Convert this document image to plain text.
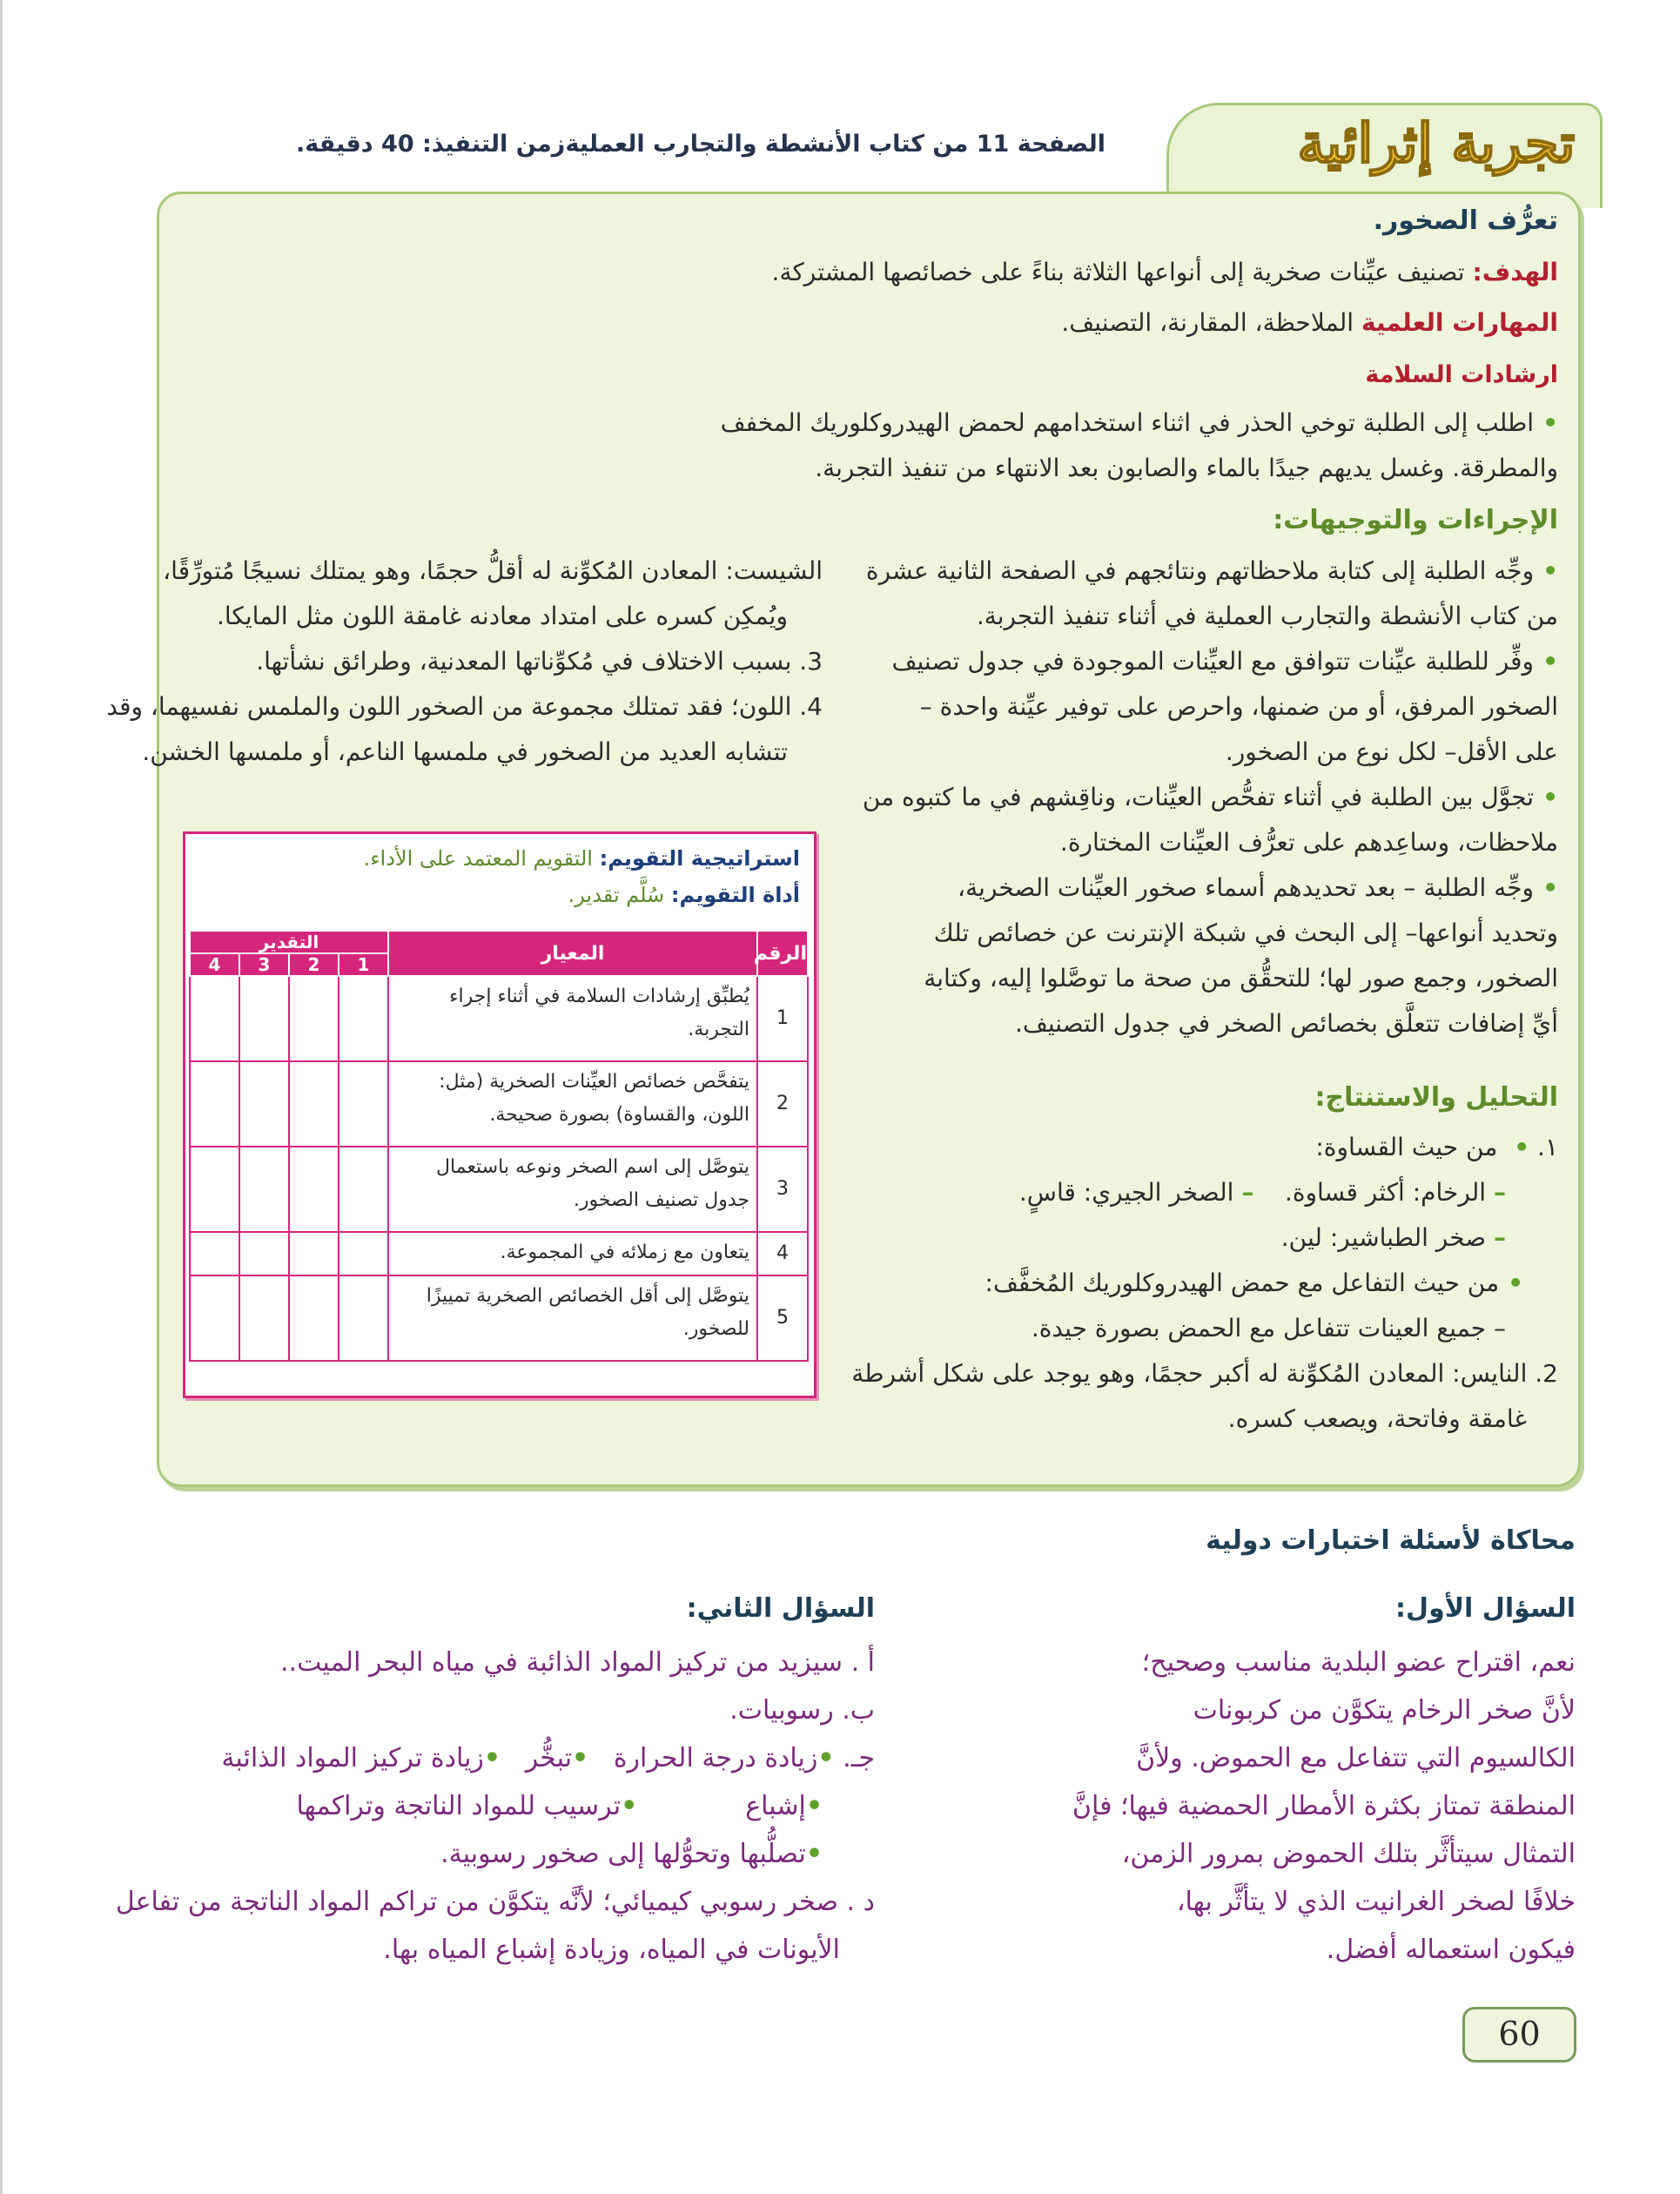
تجربة إثرائية
الصفحة 11 من كتاب الأنشطة والتجارب العملية
زمن التنفيذ: 40 دقيقة.
تعرُّف الصخور.
الهدف: تصنيف عيِّنات صخرية إلى أنواعها الثلاثة بناءً على خصائصها المشتركة.
المهارات العلمية الملاحظة، المقارنة، التصنيف.
ارشادات السلامة
•اطلب إلى الطلبة توخي الحذر في اثناء استخدامهم لحمض الهيدروكلوريك المخفف
والمطرقة. وغسل يديهم جيدًا بالماء والصابون بعد الانتهاء من تنفيذ التجربة.
الإجراءات والتوجيهات:
•وجِّه الطلبة إلى كتابة ملاحظاتهم ونتائجهم في الصفحة الثانية عشرة
من كتاب الأنشطة والتجارب العملية في أثناء تنفيذ التجربة.
•وفِّر للطلبة عيِّنات تتوافق مع العيِّنات الموجودة في جدول تصنيف
الصخور المرفق، أو من ضمنها، واحرص على توفير عيِّنة واحدة –
على الأقل– لكل نوع من الصخور.
•تجوَّل بين الطلبة في أثناء تفحُّص العيِّنات، وناقِشهم في ما كتبوه من
ملاحظات، وساعِدهم على تعرُّف العيِّنات المختارة.
•وجِّه الطلبة – بعد تحديدهم أسماء صخور العيِّنات الصخرية،
وتحديد أنواعها– إلى البحث في شبكة الإنترنت عن خصائص تلك
الصخور، وجمع صور لها؛ للتحقُّق من صحة ما توصَّلوا إليه، وكتابة
أيِّ إضافات تتعلَّق بخصائص الصخر في جدول التصنيف.
التحليل والاستنتاج:
١. • من حيث القساوة:
– الرخام: أكثر قساوة.    – الصخر الجيري: قاسٍ.
– صخر الطباشير: لين.
•من حيث التفاعل مع حمض الهيدروكلوريك المُخفَّف:
– جميع العينات تتفاعل مع الحمض بصورة جيدة.
2. النايس: المعادن المُكوِّنة له أكبر حجمًا، وهو يوجد على شكل أشرطة
غامقة وفاتحة، ويصعب كسره.
الشيست: المعادن المُكوِّنة له أقلُّ حجمًا، وهو يمتلك نسيجًا مُتورِّقًا،
ويُمكِن كسره على امتداد معادنه غامقة اللون مثل المايكا.
3. بسبب الاختلاف في مُكوِّناتها المعدنية، وطرائق نشأتها.
4. اللون؛ فقد تمتلك مجموعة من الصخور اللون والملمس نفسيهما، وقد
تتشابه العديد من الصخور في ملمسها الناعم، أو ملمسها الخشن.
استراتيجية التقويم: التقويم المعتمد على الأداء.
أداة التقويم: سُلَّم تقدير.
الرقم	المعيار	التقدير			
		1	2	3	4
1	يُطبِّق إرشادات السلامة في أثناء إجراء التجربة.				
2	يتفحَّص خصائص العيِّنات الصخرية (مثل: اللون، والقساوة) بصورة صحيحة.				
3	يتوصَّل إلى اسم الصخر ونوعه باستعمال جدول تصنيف الصخور.				
4	يتعاون مع زملائه في المجموعة.				
5	يتوصَّل إلى أقل الخصائص الصخرية تمييزًا للصخور.				
محاكاة لأسئلة اختبارات دولية
السؤال الأول:
نعم، اقتراح عضو البلدية مناسب وصحيح؛
لأنَّ صخر الرخام يتكوَّن من كربونات
الكالسيوم التي تتفاعل مع الحموض. ولأنَّ
المنطقة تمتاز بكثرة الأمطار الحمضية فيها؛ فإنَّ
التمثال سيتأثَّر بتلك الحموض بمرور الزمن،
خلافًا لصخر الغرانيت الذي لا يتأثَّر بها،
فيكون استعماله أفضل.
السؤال الثاني:
أ . سيزيد من تركيز المواد الذائبة في مياه البحر الميت..
ب. رسوبيات.
جـ. •زيادة درجة الحرارة   •تبخُّر   •زيادة تركيز المواد الذائبة
•إشباع             •ترسيب للمواد الناتجة وتراكمها
•تصلُّبها وتحوُّلها إلى صخور رسوبية.
د . صخر رسوبي كيميائي؛ لأنَّه يتكوَّن من تراكم المواد الناتجة من تفاعل
الأيونات في المياه، وزيادة إشباع المياه بها.
60
